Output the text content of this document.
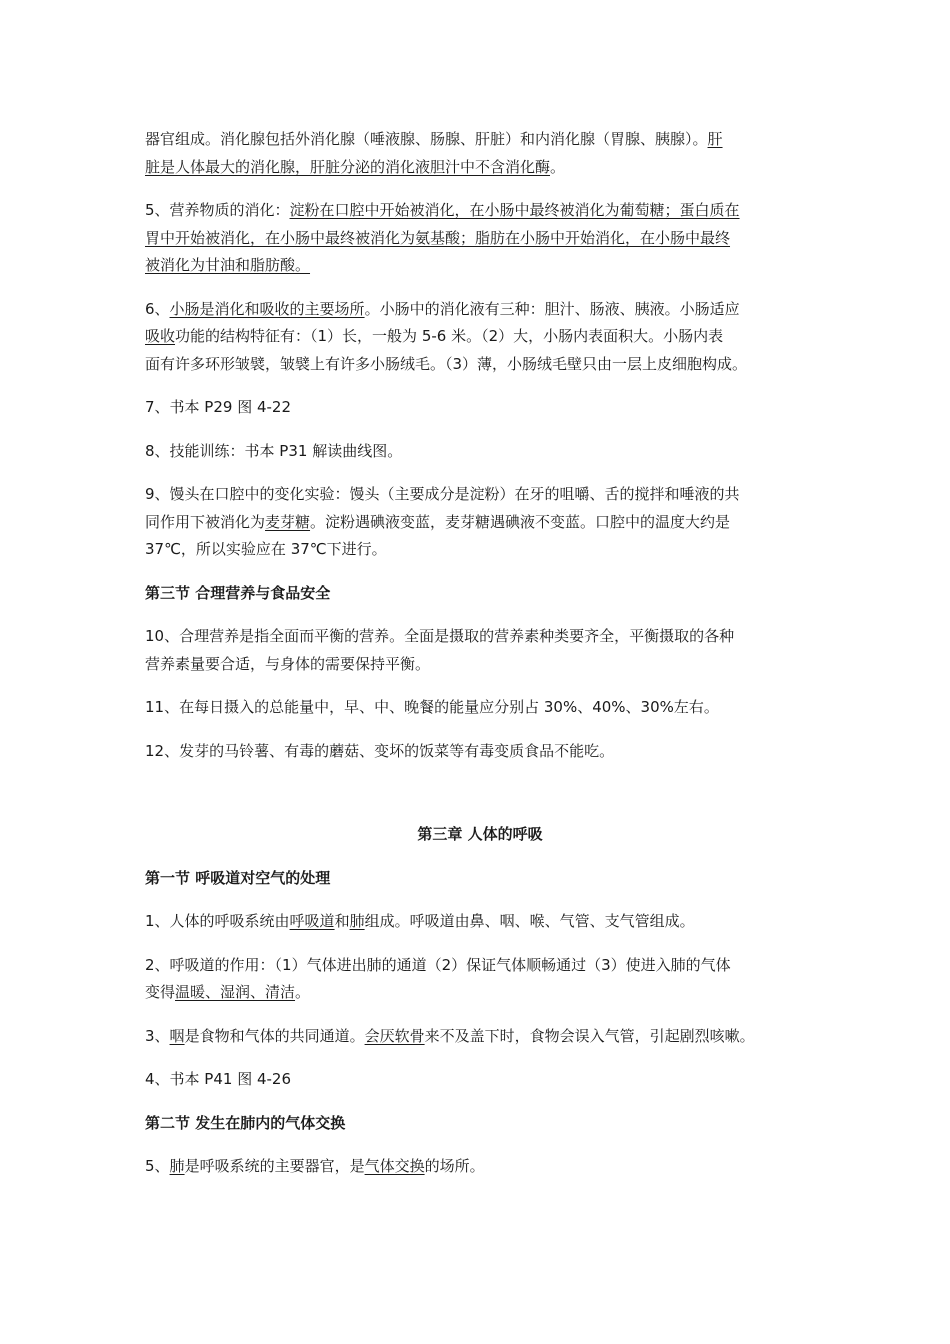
器官组成。消化腺包括外消化腺（唾液腺、肠腺、肝脏）和内消化腺（胃腺、胰腺）。肝
脏是人体最大的消化腺，肝脏分泌的消化液胆汁中不含消化酶。

5、营养物质的消化：淀粉在口腔中开始被消化，在小肠中最终被消化为葡萄糖；蛋白质在
胃中开始被消化，在小肠中最终被消化为氨基酸；脂肪在小肠中开始消化，在小肠中最终
被消化为甘油和脂肪酸。

6、小肠是消化和吸收的主要场所。小肠中的消化液有三种：胆汁、肠液、胰液。小肠适应
吸收功能的结构特征有：（1）长，一般为 5-6 米。（2）大，小肠内表面积大。小肠内表
面有许多环形皱襞，皱襞上有许多小肠绒毛。（3）薄，小肠绒毛壁只由一层上皮细胞构成。

7、书本 P29 图 4-22

8、技能训练：书本 P31 解读曲线图。

9、馒头在口腔中的变化实验：馒头（主要成分是淀粉）在牙的咀嚼、舌的搅拌和唾液的共
同作用下被消化为麦芽糖。淀粉遇碘液变蓝，麦芽糖遇碘液不变蓝。口腔中的温度大约是
37℃，所以实验应在 37℃下进行。

第三节 合理营养与食品安全

10、合理营养是指全面而平衡的营养。全面是摄取的营养素种类要齐全，平衡摄取的各种
营养素量要合适，与身体的需要保持平衡。

11、在每日摄入的总能量中，早、中、晚餐的能量应分别占 30%、40%、30%左右。

12、发芽的马铃薯、有毒的蘑菇、变坏的饭菜等有毒变质食品不能吃。

第三章 人体的呼吸

第一节 呼吸道对空气的处理

1、人体的呼吸系统由呼吸道和肺组成。呼吸道由鼻、咽、喉、气管、支气管组成。

2、呼吸道的作用：（1）气体进出肺的通道（2）保证气体顺畅通过（3）使进入肺的气体
变得温暖、湿润、清洁。

3、咽是食物和气体的共同通道。会厌软骨来不及盖下时，食物会误入气管，引起剧烈咳嗽。

4、书本 P41 图 4-26

第二节 发生在肺内的气体交换

5、肺是呼吸系统的主要器官，是气体交换的场所。
